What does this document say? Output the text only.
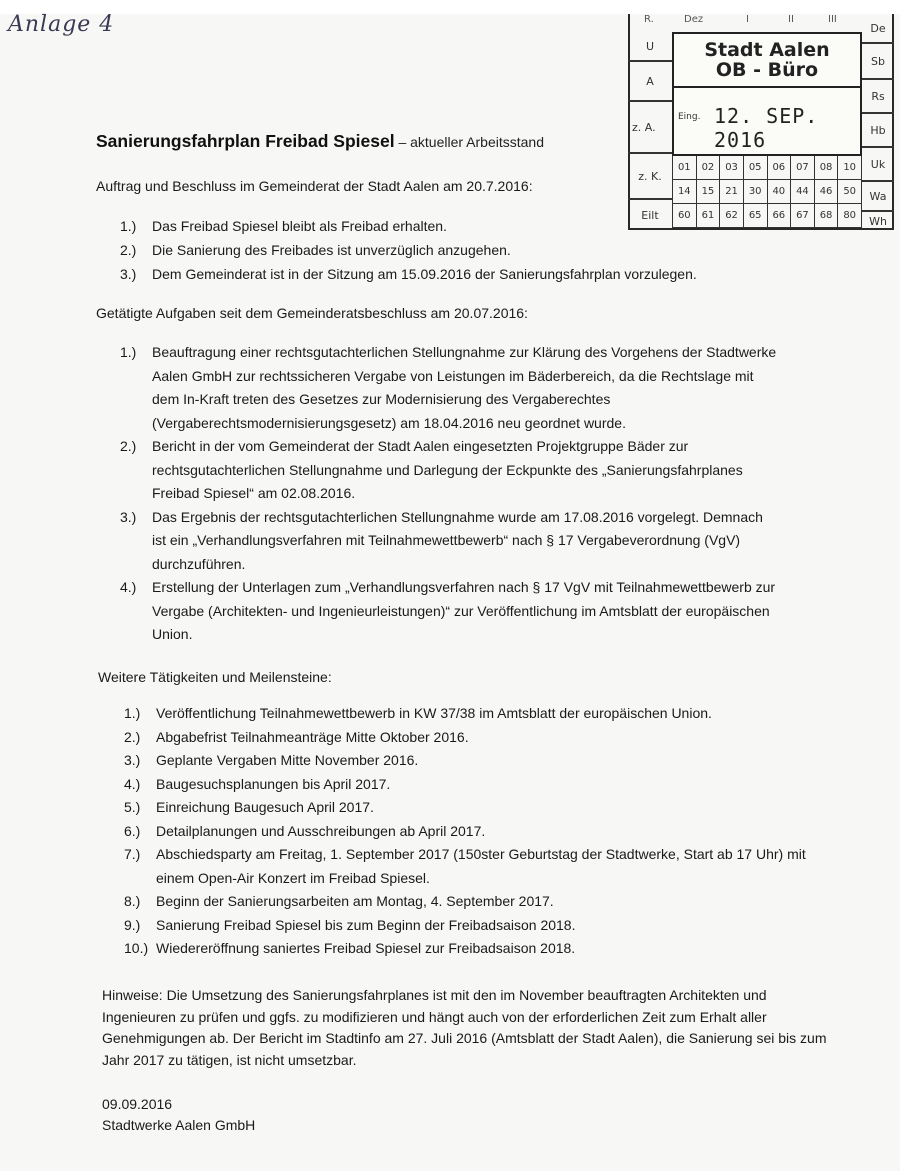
Anlage 4	R.	Dez	I	II	III
U
A
z. A.
z. K.
Eilt
Stadt Aalen
OB - Büro
Eing. 12. SEP. 2016
01	02	03	05	06	07	08	10
14	15	21	30	40	44	46	50
60	61	62	65	66	67	68	80
De
Sb
Rs
Hb
Uk
Wa
Wh
Sanierungsfahrplan Freibad Spiesel – aktueller Arbeitsstand
Auftrag und Beschluss im Gemeinderat der Stadt Aalen am 20.7.2016:
1.) Das Freibad Spiesel bleibt als Freibad erhalten.
2.) Die Sanierung des Freibades ist unverzüglich anzugehen.
3.) Dem Gemeinderat ist in der Sitzung am 15.09.2016 der Sanierungsfahrplan vorzulegen.
Getätigte Aufgaben seit dem Gemeinderatsbeschluss am 20.07.2016:
1.) Beauftragung einer rechtsgutachterlichen Stellungnahme zur Klärung des Vorgehens der Stadtwerke Aalen GmbH zur rechtssicheren Vergabe von Leistungen im Bäderbereich, da die Rechtslage mit dem In-Kraft treten des Gesetzes zur Modernisierung des Vergaberechtes (Vergaberechtsmodernisierungsgesetz) am 18.04.2016 neu geordnet wurde.
2.) Bericht in der vom Gemeinderat der Stadt Aalen eingesetzten Projektgruppe Bäder zur rechtsgutachterlichen Stellungnahme und Darlegung der Eckpunkte des „Sanierungsfahrplanes Freibad Spiesel“ am 02.08.2016.
3.) Das Ergebnis der rechtsgutachterlichen Stellungnahme wurde am 17.08.2016 vorgelegt. Demnach ist ein „Verhandlungsverfahren mit Teilnahmewettbewerb“ nach § 17 Vergabeverordnung (VgV) durchzuführen.
4.) Erstellung der Unterlagen zum „Verhandlungsverfahren nach § 17 VgV mit Teilnahmewettbewerb zur Vergabe (Architekten- und Ingenieurleistungen)“ zur Veröffentlichung im Amtsblatt der europäischen Union.
Weitere Tätigkeiten und Meilensteine:
1.) Veröffentlichung Teilnahmewettbewerb in KW 37/38 im Amtsblatt der europäischen Union.
2.) Abgabefrist Teilnahmeanträge Mitte Oktober 2016.
3.) Geplante Vergaben Mitte November 2016.
4.) Baugesuchsplanungen bis April 2017.
5.) Einreichung Baugesuch April 2017.
6.) Detailplanungen und Ausschreibungen ab April 2017.
7.) Abschiedsparty am Freitag, 1. September 2017 (150ster Geburtstag der Stadtwerke, Start ab 17 Uhr) mit einem Open-Air Konzert im Freibad Spiesel.
8.) Beginn der Sanierungsarbeiten am Montag, 4. September 2017.
9.) Sanierung Freibad Spiesel bis zum Beginn der Freibadsaison 2018.
10.) Wiedereröffnung saniertes Freibad Spiesel zur Freibadsaison 2018.
Hinweise: Die Umsetzung des Sanierungsfahrplanes ist mit den im November beauftragten Architekten und Ingenieuren zu prüfen und ggfs. zu modifizieren und hängt auch von der erforderlichen Zeit zum Erhalt aller Genehmigungen ab. Der Bericht im Stadtinfo am 27. Juli 2016 (Amtsblatt der Stadt Aalen), die Sanierung sei bis zum Jahr 2017 zu tätigen, ist nicht umsetzbar.
09.09.2016
Stadtwerke Aalen GmbH
